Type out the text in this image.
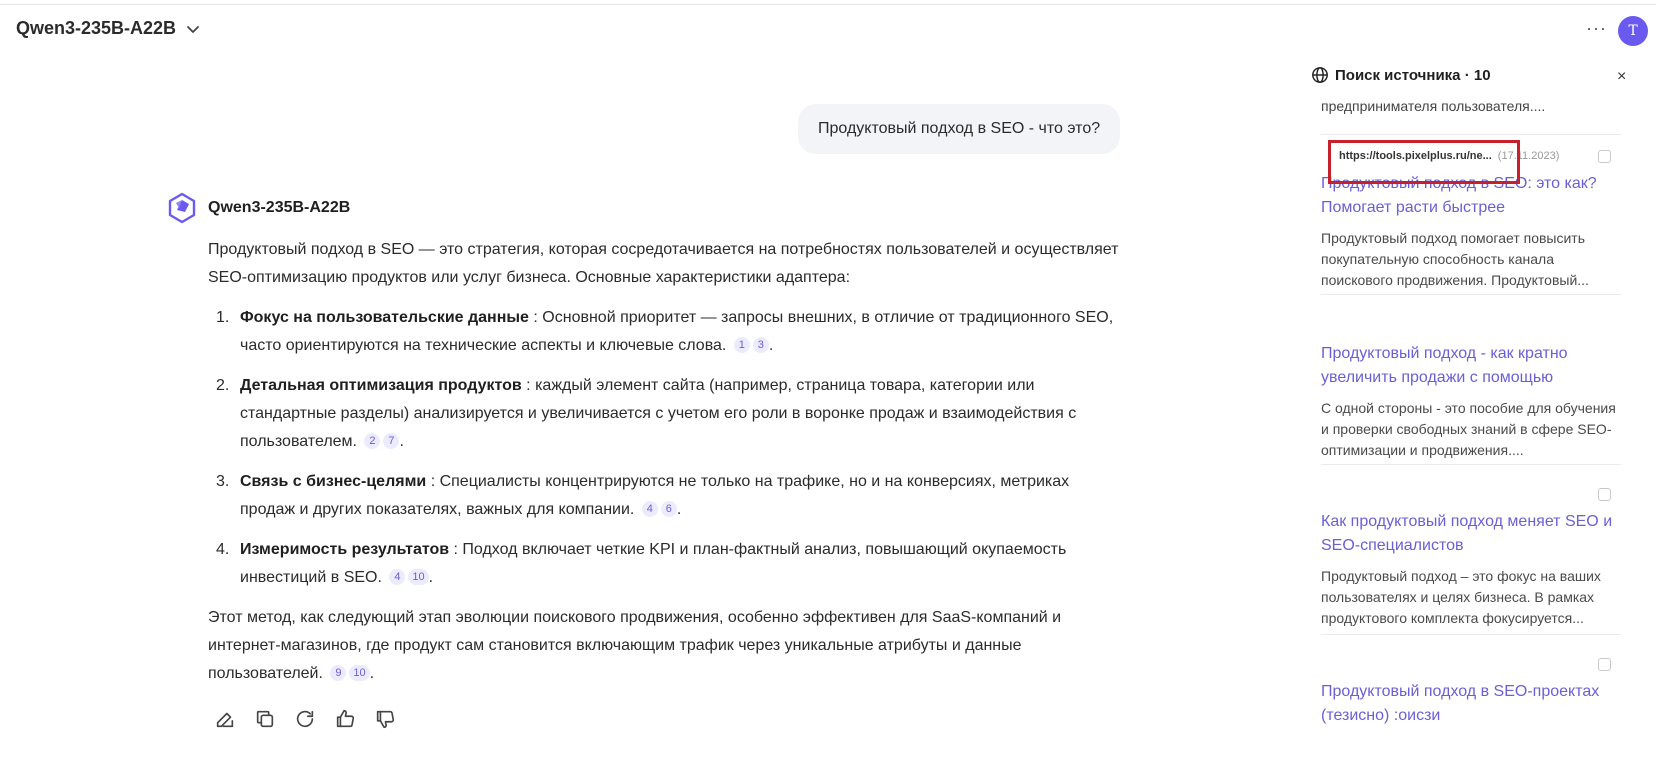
Qwen3-235B-A22B	···	T
Продуктовый подход в SEO - что это?
Qwen3-235B-A22B

Продуктовый подход в SEO — это стратегия, которая сосредотачивается на потребностях пользователей и осуществляет SEO-оптимизацию продуктов или услуг бизнеса. Основные характеристики адаптера:

1. Фокус на пользовательские данные : Основной приоритет — запросы внешних, в отличие от традиционного SEO, часто ориентируются на технические аспекты и ключевые слова. 1 3 .
2. Детальная оптимизация продуктов : каждый элемент сайта (например, страница товара, категории или стандартные разделы) анализируется и увеличивается с учетом его роли в воронке продаж и взаимодействия с пользователем. 2 7 .
3. Связь с бизнес-целями : Специалисты концентрируются не только на трафике, но и на конверсиях, метриках продаж и других показателях, важных для компании. 4 6 .
4. Измеримость результатов : Подход включает четкие KPI и план-фактный анализ, повышающий окупаемость инвестиций в SEO. 4 10 .

Этот метод, как следующий этап эволюции поискового продвижения, особенно эффективен для SaaS-компаний и интернет-магазинов, где продукт сам становится включающим трафик через уникальные атрибуты и данные пользователей. 9 10 .

Поиск источника · 10	×
предпринимателя пользователя....
https://tools.pixelplus.ru/ne... (17.11.2023)
Продуктовый подход в SEO: это как? Помогает расти быстрее
Продуктовый подход помогает повысить покупательную способность канала поискового продвижения. Продуктовый...
Продуктовый подход - как кратно увеличить продажи с помощью
С одной стороны - это пособие для обучения и проверки свободных знаний в сфере SEO-оптимизации и продвижения....
Как продуктовый подход меняет SEO и SEO-специалистов
Продуктовый подход – это фокус на ваших пользователях и целях бизнеса. В рамках продуктового комплекта фокусируется...
Продуктовый подход в SEO-проектах (тезисно) :оисзи
